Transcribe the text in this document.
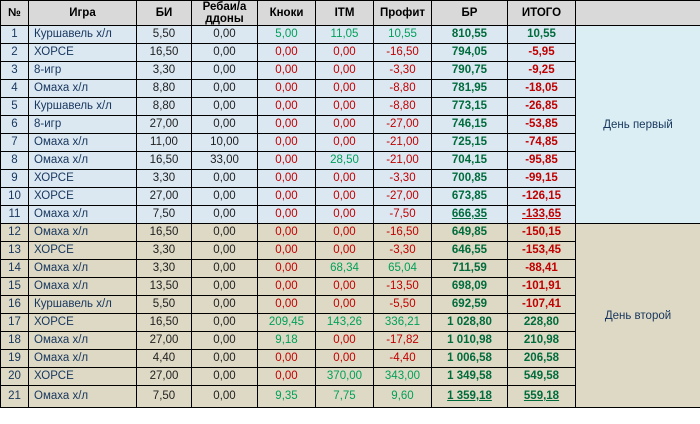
№	Игра	БИ	Ребаи/а ддоны	Кноки	ITM	Профит	БР	ИТОГО	

1	Куршавель х/л	5,50	0,00	5,00	11,05	10,55	810,55	10,55	День первый

2	ХОРСЕ	16,50	0,00	0,00	0,00	-16,50	794,05	-5,95	

3	8-игр	3,30	0,00	0,00	0,00	-3,30	790,75	-9,25	

4	Омаха х/л	8,80	0,00	0,00	0,00	-8,80	781,95	-18,05	

5	Куршавель х/л	8,80	0,00	0,00	0,00	-8,80	773,15	-26,85	

6	8-игр	27,00	0,00	0,00	0,00	-27,00	746,15	-53,85	

7	Омаха х/л	11,00	10,00	0,00	0,00	-21,00	725,15	-74,85	

8	Омаха х/л	16,50	33,00	0,00	28,50	-21,00	704,15	-95,85	

9	ХОРСЕ	3,30	0,00	0,00	0,00	-3,30	700,85	-99,15	

10	ХОРСЕ	27,00	0,00	0,00	0,00	-27,00	673,85	-126,15	

11	Омаха х/л	7,50	0,00	0,00	0,00	-7,50	666,35	-133,65	

12	Омаха х/л	16,50	0,00	0,00	0,00	-16,50	649,85	-150,15	День второй

13	ХОРСЕ	3,30	0,00	0,00	0,00	-3,30	646,55	-153,45	

14	Омаха х/л	3,30	0,00	0,00	68,34	65,04	711,59	-88,41	

15	Омаха х/л	13,50	0,00	0,00	0,00	-13,50	698,09	-101,91	

16	Куршавель х/л	5,50	0,00	0,00	0,00	-5,50	692,59	-107,41	

17	ХОРСЕ	16,50	0,00	209,45	143,26	336,21	1 028,80	228,80	

18	Омаха х/л	27,00	0,00	9,18	0,00	-17,82	1 010,98	210,98	

19	Омаха х/л	4,40	0,00	0,00	0,00	-4,40	1 006,58	206,58	

20	ХОРСЕ	27,00	0,00	0,00	370,00	343,00	1 349,58	549,58	

21	Омаха х/л	7,50	0,00	9,35	7,75	9,60	1 359,18	559,18	
